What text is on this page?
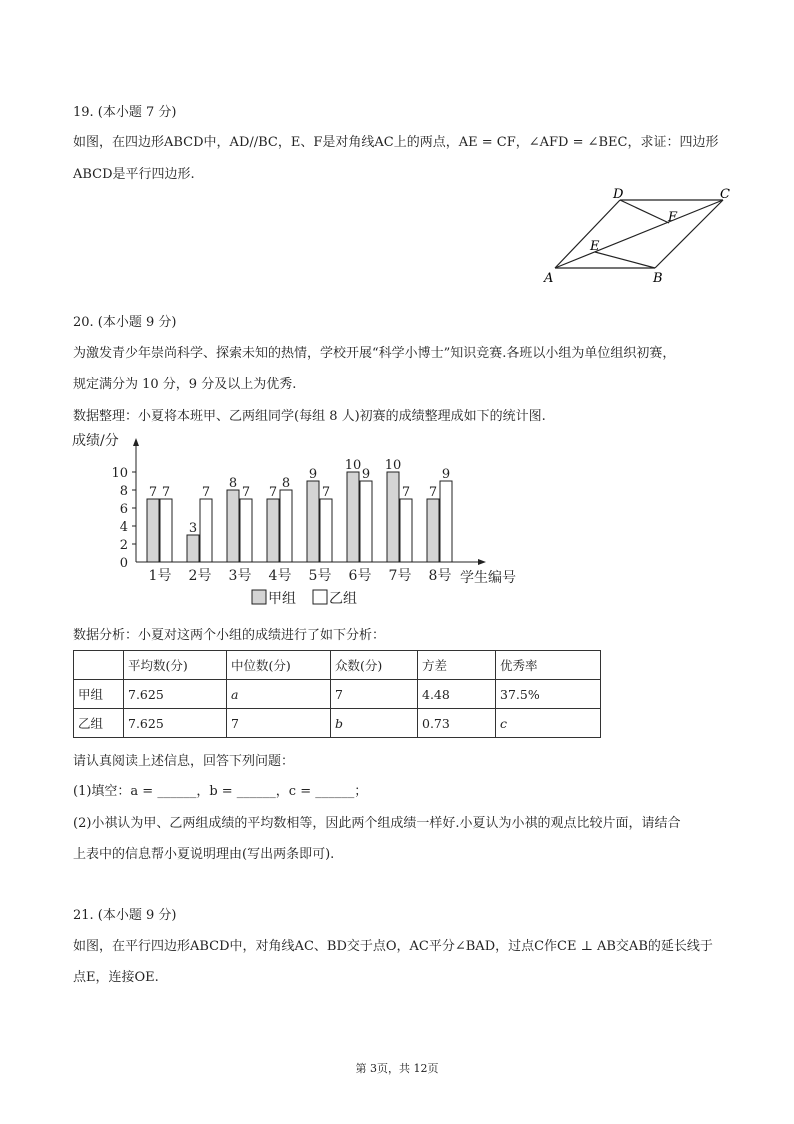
19. (本小题 7 分)
如图，在四边形ABCD中，AD//BC，E、F是对角线AC上的两点，AE = CF，∠AFD = ∠BEC，求证：四边形
ABCD是平行四边形.
A	B
C
D
E
F
20. (本小题 9 分)
为激发青少年崇尚科学、探索未知的热情，学校开展“科学小博士”知识竞赛.各班以小组为单位组织初赛，
规定满分为 10 分，9 分及以上为优秀.
数据整理：小夏将本班甲、乙两组同学(每组 8 人)初赛的成绩整理成如下的统计图.
成绩/分
0
2
4
6
8
10
7 7
1号
3
7
2号
8
7
3号
7
8
4号
9
7
5号
10
9
6号
10
7
7号
7
9
8号 学生编号
甲组 乙组
数据分析：小夏对这两个小组的成绩进行了如下分析：
	平均数(分)	中位数(分)	众数(分)	方差	优秀率
甲组	7.625	a	7	4.48	37.5%
乙组	7.625	7	b	0.73	c
请认真阅读上述信息，回答下列问题：
(1)填空：a = ______，b = ______，c = ______；
(2)小祺认为甲、乙两组成绩的平均数相等，因此两个组成绩一样好.小夏认为小祺的观点比较片面，请结合
上表中的信息帮小夏说明理由(写出两条即可).
21. (本小题 9 分)
如图，在平行四边形ABCD中，对角线AC、BD交于点O，AC平分∠BAD，过点C作CE ⊥ AB交AB的延长线于
点E，连接OE.
第 3页，共 12页
